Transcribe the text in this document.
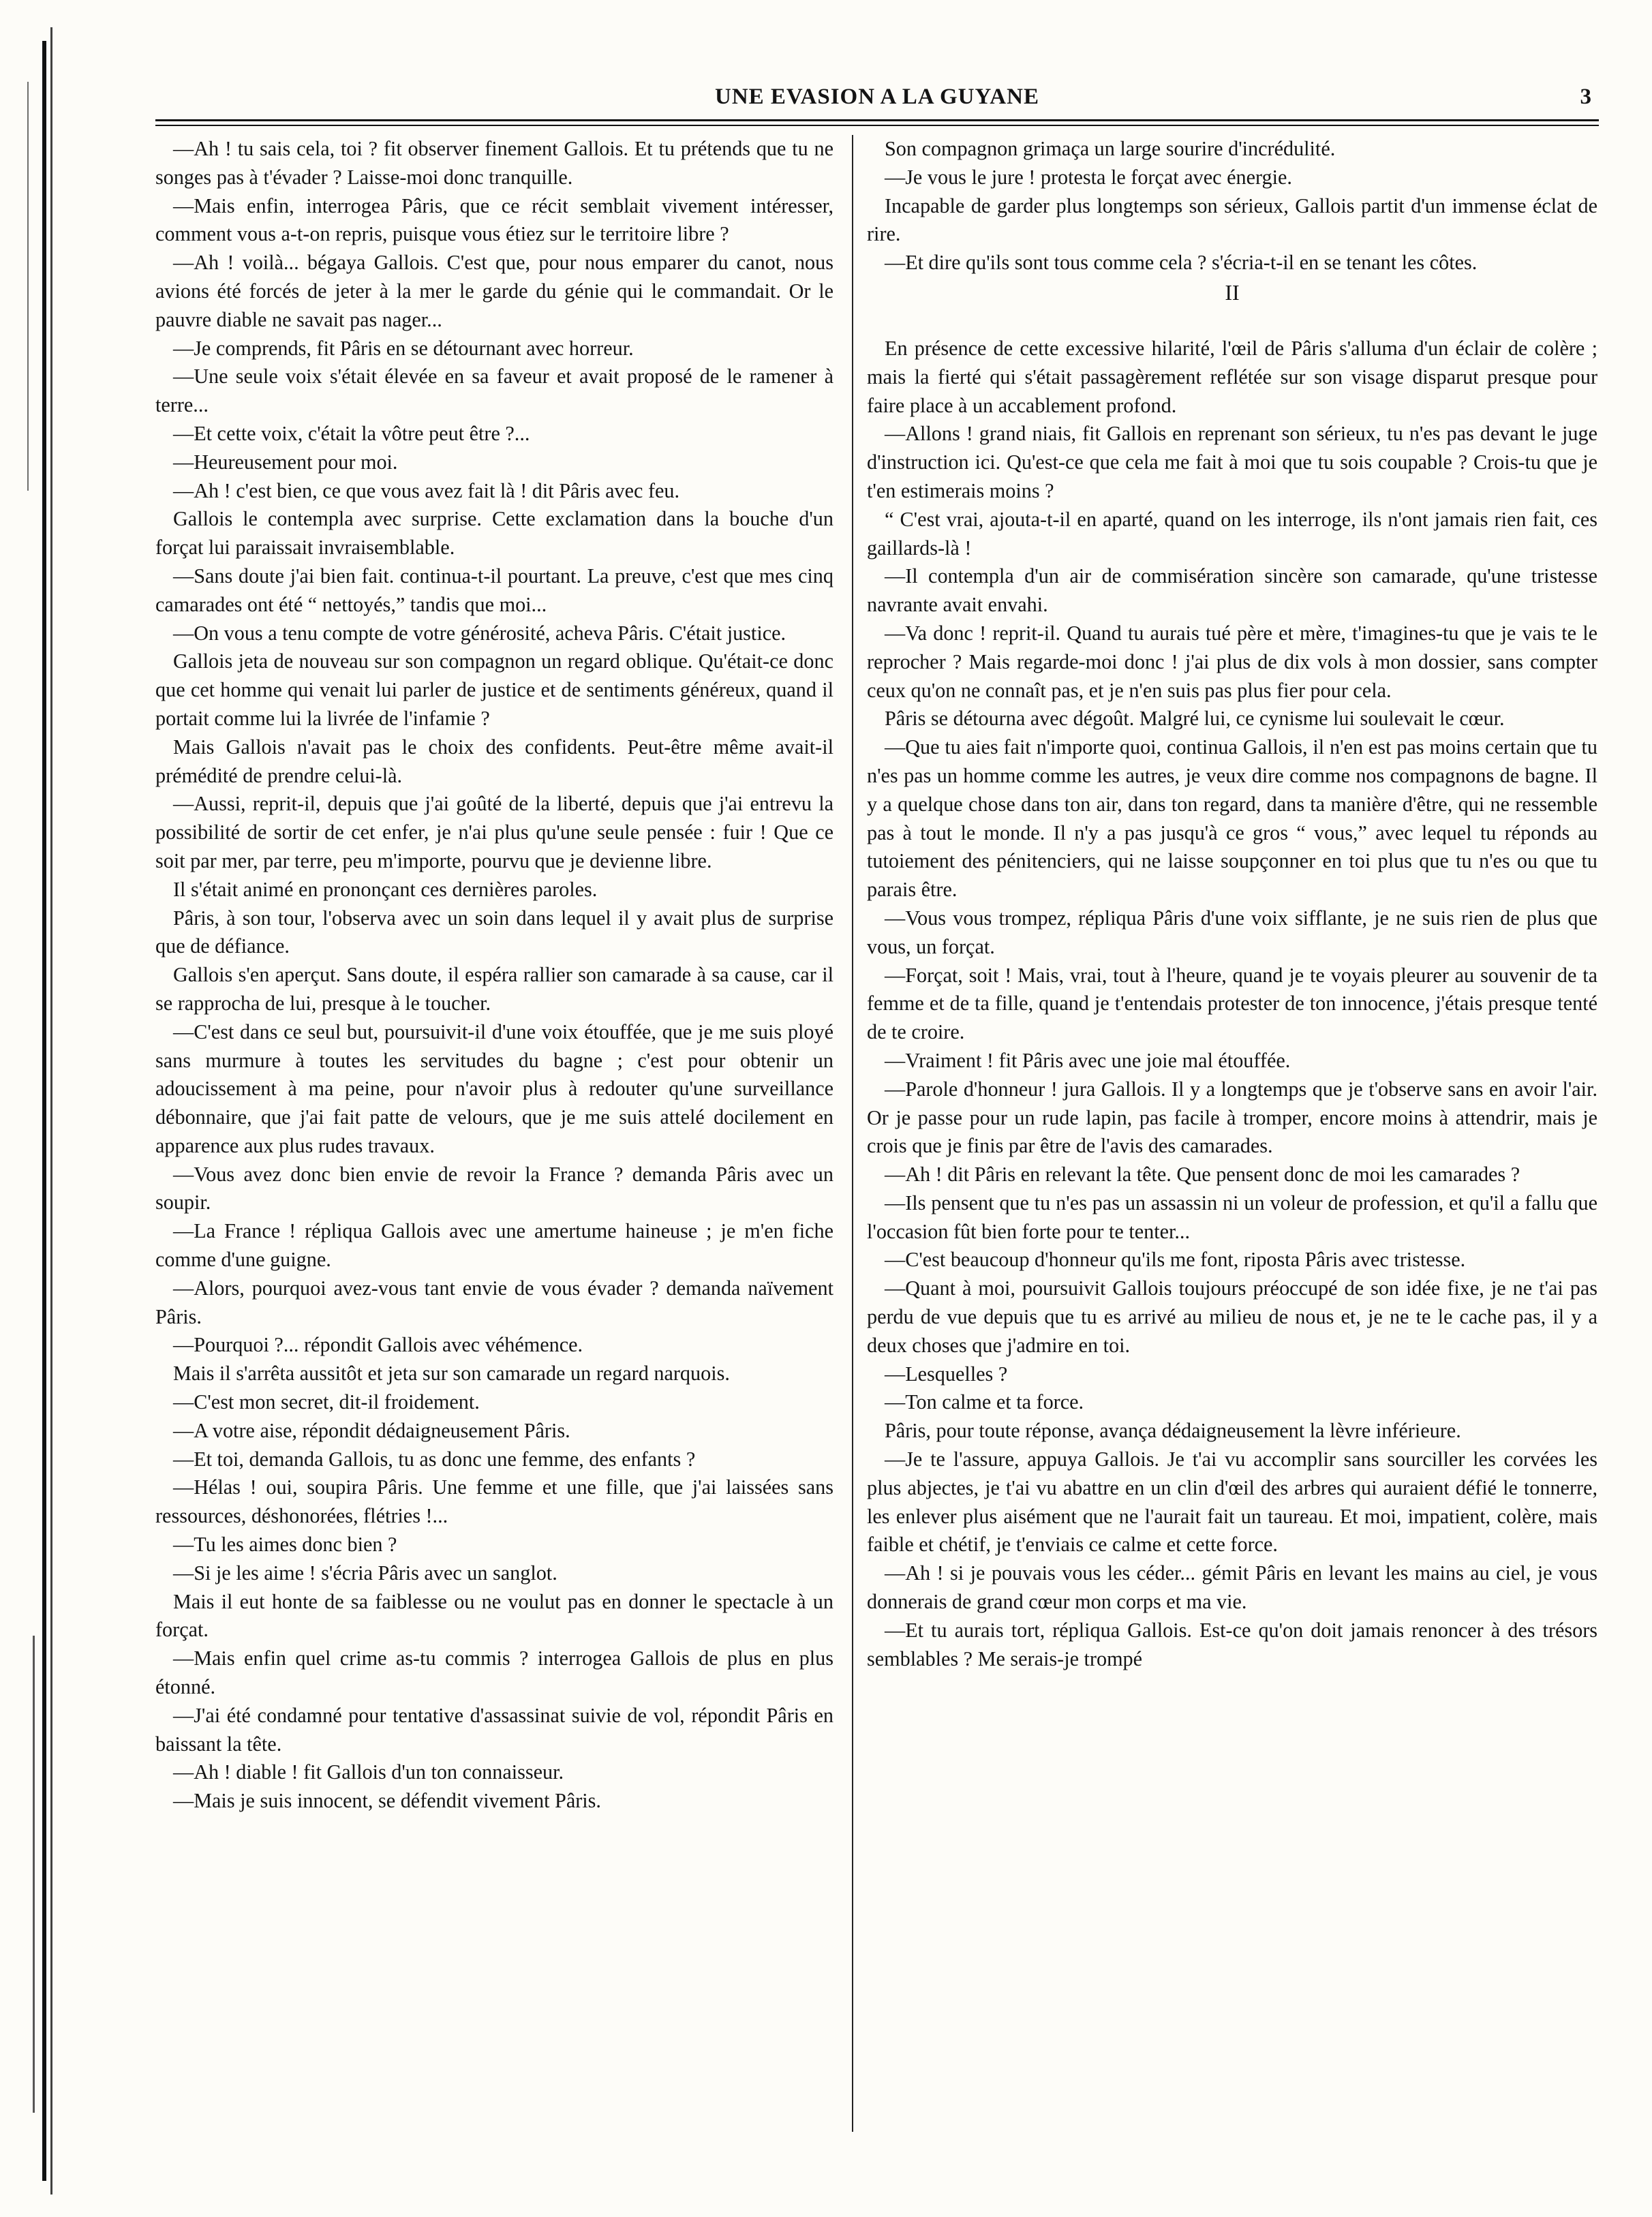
UNE EVASION A LA GUYANE	3

—Ah ! tu sais cela, toi ? fit observer finement Gallois. Et tu prétends que tu ne songes pas à t'évader ? Laisse-moi donc tranquille.

—Mais enfin, interrogea Pâris, que ce récit semblait vivement intéresser, comment vous a-t-on repris, puisque vous étiez sur le territoire libre ?

—Ah ! voilà... bégaya Gallois. C'est que, pour nous emparer du canot, nous avions été forcés de jeter à la mer le garde du génie qui le commandait. Or le pauvre diable ne savait pas nager...

—Je comprends, fit Pâris en se détournant avec horreur.

—Une seule voix s'était élevée en sa faveur et avait proposé de le ramener à terre...

—Et cette voix, c'était la vôtre peut être ?...

—Heureusement pour moi.

—Ah ! c'est bien, ce que vous avez fait là ! dit Pâris avec feu.

Gallois le contempla avec surprise. Cette exclamation dans la bouche d'un forçat lui paraissait invraisemblable.

—Sans doute j'ai bien fait. continua-t-il pourtant. La preuve, c'est que mes cinq camarades ont été “ nettoyés,” tandis que moi...

—On vous a tenu compte de votre générosité, acheva Pâris. C'était justice.

Gallois jeta de nouveau sur son compagnon un regard oblique. Qu'était-ce donc que cet homme qui venait lui parler de justice et de sentiments généreux, quand il portait comme lui la livrée de l'infamie ?

Mais Gallois n'avait pas le choix des confidents. Peut-être même avait-il prémédité de prendre celui-là.

—Aussi, reprit-il, depuis que j'ai goûté de la liberté, depuis que j'ai entrevu la possibilité de sortir de cet enfer, je n'ai plus qu'une seule pensée : fuir ! Que ce soit par mer, par terre, peu m'importe, pourvu que je devienne libre.

Il s'était animé en prononçant ces dernières paroles.

Pâris, à son tour, l'observa avec un soin dans lequel il y avait plus de surprise que de défiance.

Gallois s'en aperçut. Sans doute, il espéra rallier son camarade à sa cause, car il se rapprocha de lui, presque à le toucher.

—C'est dans ce seul but, poursuivit-il d'une voix étouffée, que je me suis ployé sans murmure à toutes les servitudes du bagne ; c'est pour obtenir un adoucissement à ma peine, pour n'avoir plus à redouter qu'une surveillance débonnaire, que j'ai fait patte de velours, que je me suis attelé docilement en apparence aux plus rudes travaux.

—Vous avez donc bien envie de revoir la France ? demanda Pâris avec un soupir.

—La France ! répliqua Gallois avec une amertume haineuse ; je m'en fiche comme d'une guigne.

—Alors, pourquoi avez-vous tant envie de vous évader ? demanda naïvement Pâris.

—Pourquoi ?... répondit Gallois avec véhémence.

Mais il s'arrêta aussitôt et jeta sur son camarade un regard narquois.

—C'est mon secret, dit-il froidement.

—A votre aise, répondit dédaigneusement Pâris.

—Et toi, demanda Gallois, tu as donc une femme, des enfants ?

—Hélas ! oui, soupira Pâris. Une femme et une fille, que j'ai laissées sans ressources, déshonorées, flétries !...

—Tu les aimes donc bien ?

—Si je les aime ! s'écria Pâris avec un sanglot.

Mais il eut honte de sa faiblesse ou ne voulut pas en donner le spectacle à un forçat.

—Mais enfin quel crime as-tu commis ? interrogea Gallois de plus en plus étonné.

—J'ai été condamné pour tentative d'assassinat suivie de vol, répondit Pâris en baissant la tête.

—Ah ! diable ! fit Gallois d'un ton connaisseur.

—Mais je suis innocent, se défendit vivement Pâris.

Son compagnon grimaça un large sourire d'incrédulité.

—Je vous le jure ! protesta le forçat avec énergie.

Incapable de garder plus longtemps son sérieux, Gallois partit d'un immense éclat de rire.

—Et dire qu'ils sont tous comme cela ? s'écria-t-il en se tenant les côtes.

II

En présence de cette excessive hilarité, l'œil de Pâris s'alluma d'un éclair de colère ; mais la fierté qui s'était passagèrement reflétée sur son visage disparut presque pour faire place à un accablement profond.

—Allons ! grand niais, fit Gallois en reprenant son sérieux, tu n'es pas devant le juge d'instruction ici. Qu'est-ce que cela me fait à moi que tu sois coupable ? Crois-tu que je t'en estimerais moins ?

“ C'est vrai, ajouta-t-il en aparté, quand on les interroge, ils n'ont jamais rien fait, ces gaillards-là !

—Il contempla d'un air de commisération sincère son camarade, qu'une tristesse navrante avait envahi.

—Va donc ! reprit-il. Quand tu aurais tué père et mère, t'imagines-tu que je vais te le reprocher ? Mais regarde-moi donc ! j'ai plus de dix vols à mon dossier, sans compter ceux qu'on ne connaît pas, et je n'en suis pas plus fier pour cela.

Pâris se détourna avec dégoût. Malgré lui, ce cynisme lui soulevait le cœur.

—Que tu aies fait n'importe quoi, continua Gallois, il n'en est pas moins certain que tu n'es pas un homme comme les autres, je veux dire comme nos compagnons de bagne. Il y a quelque chose dans ton air, dans ton regard, dans ta manière d'être, qui ne ressemble pas à tout le monde. Il n'y a pas jusqu'à ce gros “ vous,” avec lequel tu réponds au tutoiement des pénitenciers, qui ne laisse soupçonner en toi plus que tu n'es ou que tu parais être.

—Vous vous trompez, répliqua Pâris d'une voix sifflante, je ne suis rien de plus que vous, un forçat.

—Forçat, soit ! Mais, vrai, tout à l'heure, quand je te voyais pleurer au souvenir de ta femme et de ta fille, quand je t'entendais protester de ton innocence, j'étais presque tenté de te croire.

—Vraiment ! fit Pâris avec une joie mal étouffée.

—Parole d'honneur ! jura Gallois. Il y a longtemps que je t'observe sans en avoir l'air. Or je passe pour un rude lapin, pas facile à tromper, encore moins à attendrir, mais je crois que je finis par être de l'avis des camarades.

—Ah ! dit Pâris en relevant la tête. Que pensent donc de moi les camarades ?

—Ils pensent que tu n'es pas un assassin ni un voleur de profession, et qu'il a fallu que l'occasion fût bien forte pour te tenter...

—C'est beaucoup d'honneur qu'ils me font, riposta Pâris avec tristesse.

—Quant à moi, poursuivit Gallois toujours préoccupé de son idée fixe, je ne t'ai pas perdu de vue depuis que tu es arrivé au milieu de nous et, je ne te le cache pas, il y a deux choses que j'admire en toi.

—Lesquelles ?

—Ton calme et ta force.

Pâris, pour toute réponse, avança dédaigneusement la lèvre inférieure.

—Je te l'assure, appuya Gallois. Je t'ai vu accomplir sans sourciller les corvées les plus abjectes, je t'ai vu abattre en un clin d'œil des arbres qui auraient défié le tonnerre, les enlever plus aisément que ne l'aurait fait un taureau. Et moi, impatient, colère, mais faible et chétif, je t'enviais ce calme et cette force.

—Ah ! si je pouvais vous les céder... gémit Pâris en levant les mains au ciel, je vous donnerais de grand cœur mon corps et ma vie.

—Et tu aurais tort, répliqua Gallois. Est-ce qu'on doit jamais renoncer à des trésors semblables ? Me serais-je trompé
